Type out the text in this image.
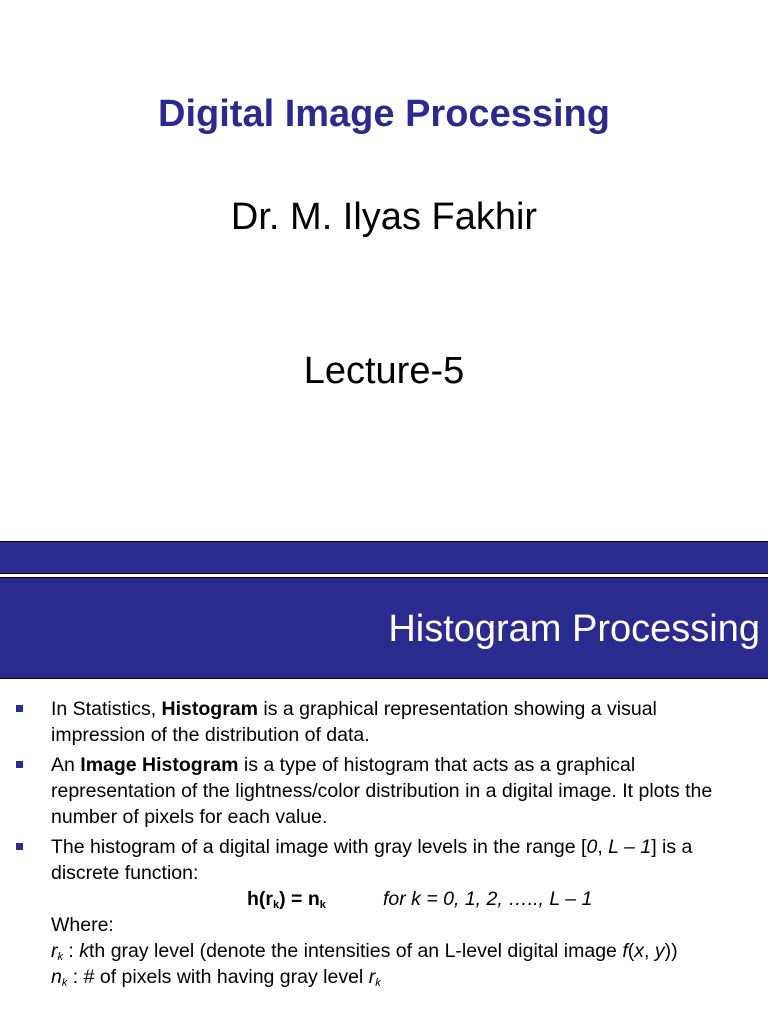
Digital Image Processing
Dr. M. Ilyas Fakhir
Lecture-5
Histogram Processing
In Statistics, Histogram is a graphical representation showing a visual impression of the distribution of data.
An Image Histogram is a type of histogram that acts as a graphical representation of the lightness/color distribution in a digital image. It plots the number of pixels for each value.
The histogram of a digital image with gray levels in the range [0, L – 1] is a discrete function:
$h(r_k) = n_k$	for k = 0, 1, 2, ….., L – 1
Where:
$r_k$ : kth gray level (denote the intensities of an L-level digital image f(x, y))
$n_k$ : # of pixels with having gray level $r_k$
